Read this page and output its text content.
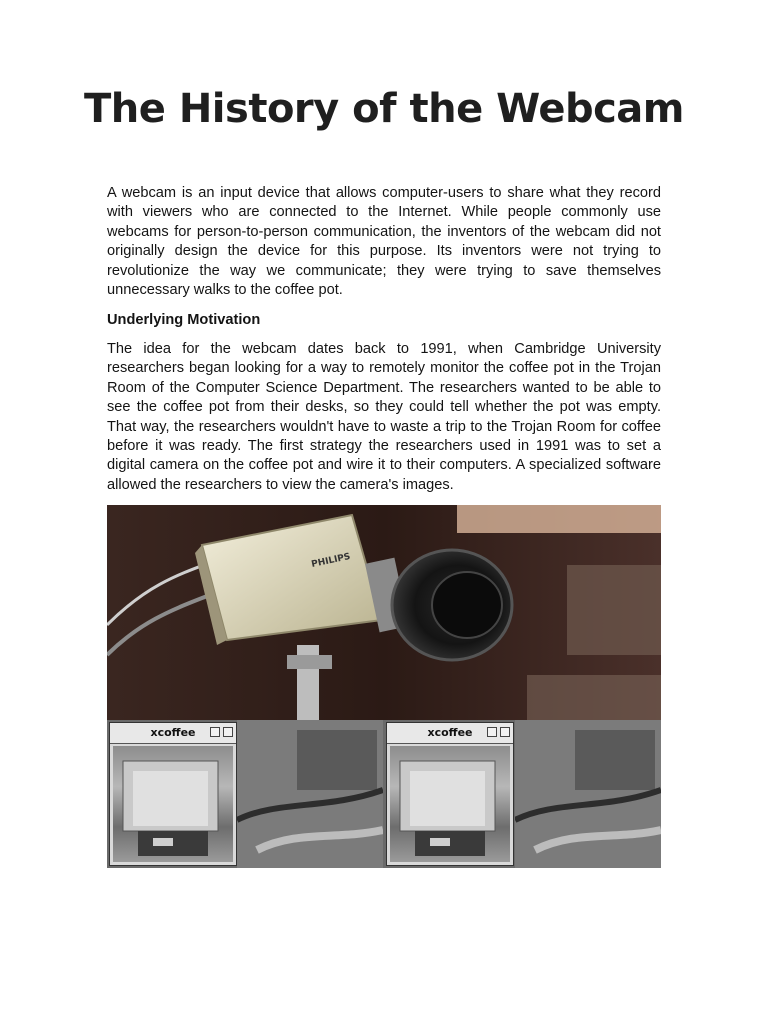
The History of the Webcam

A webcam is an input device that allows computer-users to share what they record with viewers who are connected to the Internet. While people commonly use webcams for person-to-person communication, the inventors of the webcam did not originally design the device for this purpose. Its inventors were not trying to revolutionize the way we communicate; they were trying to save themselves unnecessary walks to the coffee pot.

Underlying Motivation

The idea for the webcam dates back to 1991, when Cambridge University researchers began looking for a way to remotely monitor the coffee pot in the Trojan Room of the Computer Science Department. The researchers wanted to be able to see the coffee pot from their desks, so they could tell whether the pot was empty. That way, the researchers wouldn't have to waste a trip to the Trojan Room for coffee before it was ready. The first strategy the researchers used in 1991 was to set a digital camera on the coffee pot and wire it to their computers. A specialized software allowed the researchers to view the camera's images.

PHILIPS
xcoffee	xcoffee
